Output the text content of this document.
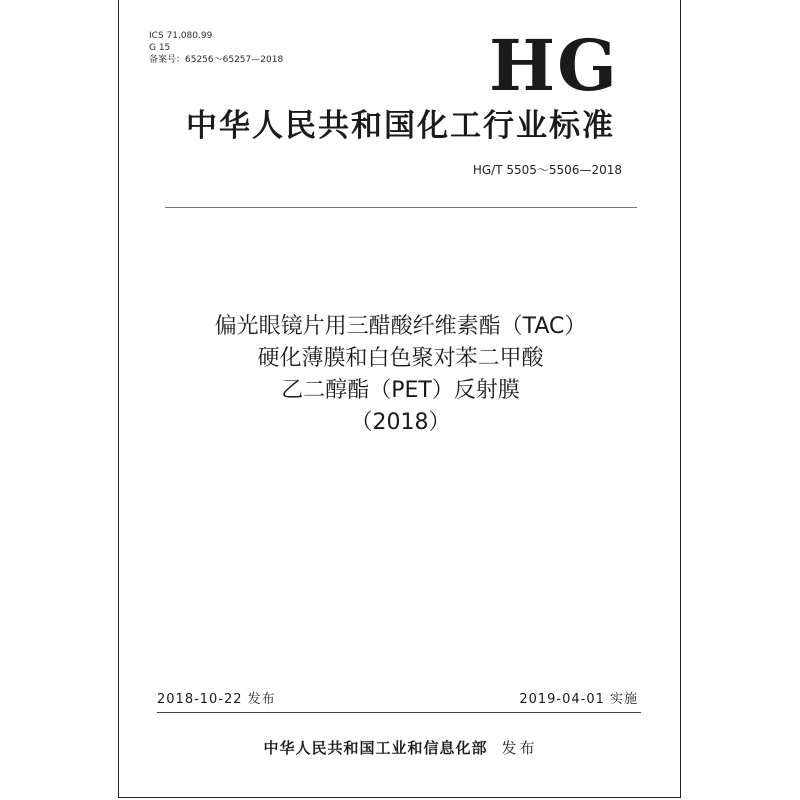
ICS 71.080.99
G 15
备案号：65256～65257—2018	HG
中华人民共和国化工行业标准
HG/T 5505～5506—2018
偏光眼镜片用三醋酸纤维素酯（TAC）
硬化薄膜和白色聚对苯二甲酸
乙二醇酯（PET）反射膜
（2018）
2018-10-22 发布	2019-04-01 实施
中华人民共和国工业和信息化部 发布
